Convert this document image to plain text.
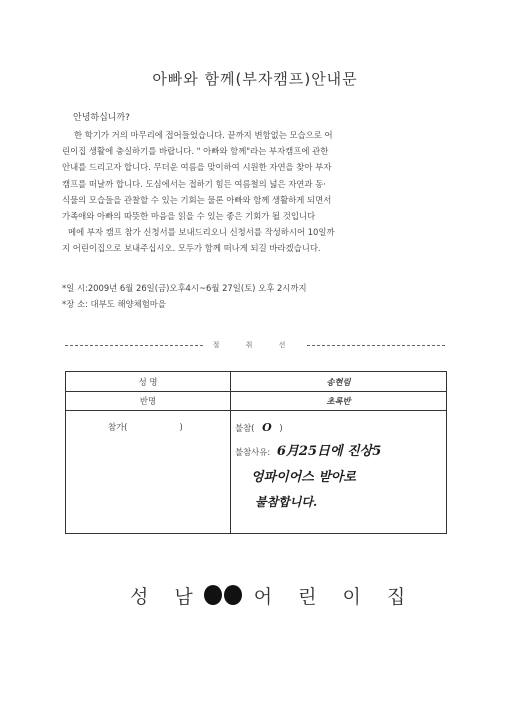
아빠와 함께(부자캠프)안내문
안녕하십니까?

한 학기가 거의 마무리에 접어들었습니다. 끝까지 변함없는 모습으로 어

린이집 생활에 충실하기를 바랍니다. " 아빠와 함께"라는 부자캠프에 관한

안내를 드리고자 합니다. 무더운 여름을 맞이하여 시원한 자연을 찾아 부자

캠프를 떠날까 합니다. 도심에서는 접하기 힘든 여름철의 넓은 자연과 동·

식물의 모습들을 관찰할 수 있는 기회는 물론 아빠와 함께 생활하게 되면서

가족애와 아빠의 따뜻한 마음을 읽을 수 있는 좋은 기회가 될 것입니다

메에 부자 캠프 참가 신청서를 보내드리오니 신청서를 작성하시어 10일까

지 어린이집으로 보내주십시오. 모두가 함께 떠나게 되길 바라겠습니다.

*일 시:2009년 6월 26일(금)오후4시~6월 27일(토) 오후 2시까지
*장 소: 대부도 해양체험마을
절 취 선
성 명	송현림
반명	초록반

참가( )	불참( O )
불참사유: 6月25日에 진상5
엉파이어스 받아로
불참합니다.
성 남	어 린 이 집
